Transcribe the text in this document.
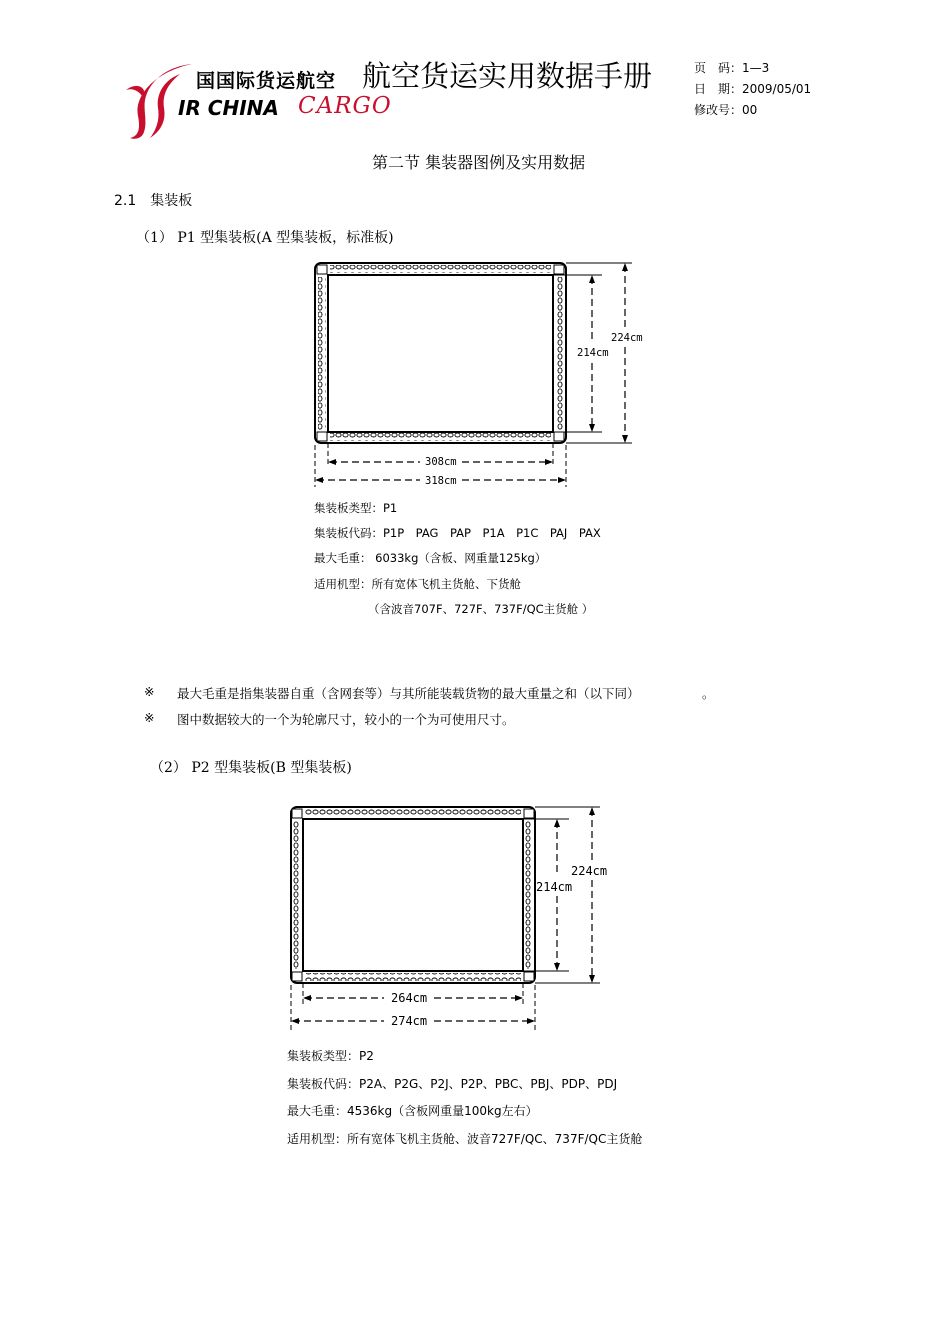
国国际货运航空
IR CHINA CARGO
航空货运实用数据手册	页　码：1—3
日　期：2009/05/01
修改号：00
第二节 集装器图例及实用数据
2.1　集装板
（1） P1 型集装板(A 型集装板，标准板)
214cm
224cm
308cm
318cm
集装板类型：P1
集装板代码：P1P　PAG　PAP　P1A　P1C　PAJ　PAX
最大毛重： 6033kg（含板、网重量125kg）
适用机型：所有宽体飞机主货舱、下货舱
（含波音707F、727F、737F/QC主货舱 ）
※ 最大毛重是指集装器自重（含网套等）与其所能装载货物的最大重量之和（以下同）	。
※ 图中数据较大的一个为轮廓尺寸，较小的一个为可使用尺寸。
（2） P2 型集装板(B 型集装板)
214cm
224cm
264cm
274cm
集装板类型：P2
集装板代码：P2A、P2G、P2J、P2P、PBC、PBJ、PDP、PDJ
最大毛重：4536kg（含板网重量100kg左右）
适用机型：所有宽体飞机主货舱、波音727F/QC、737F/QC主货舱
